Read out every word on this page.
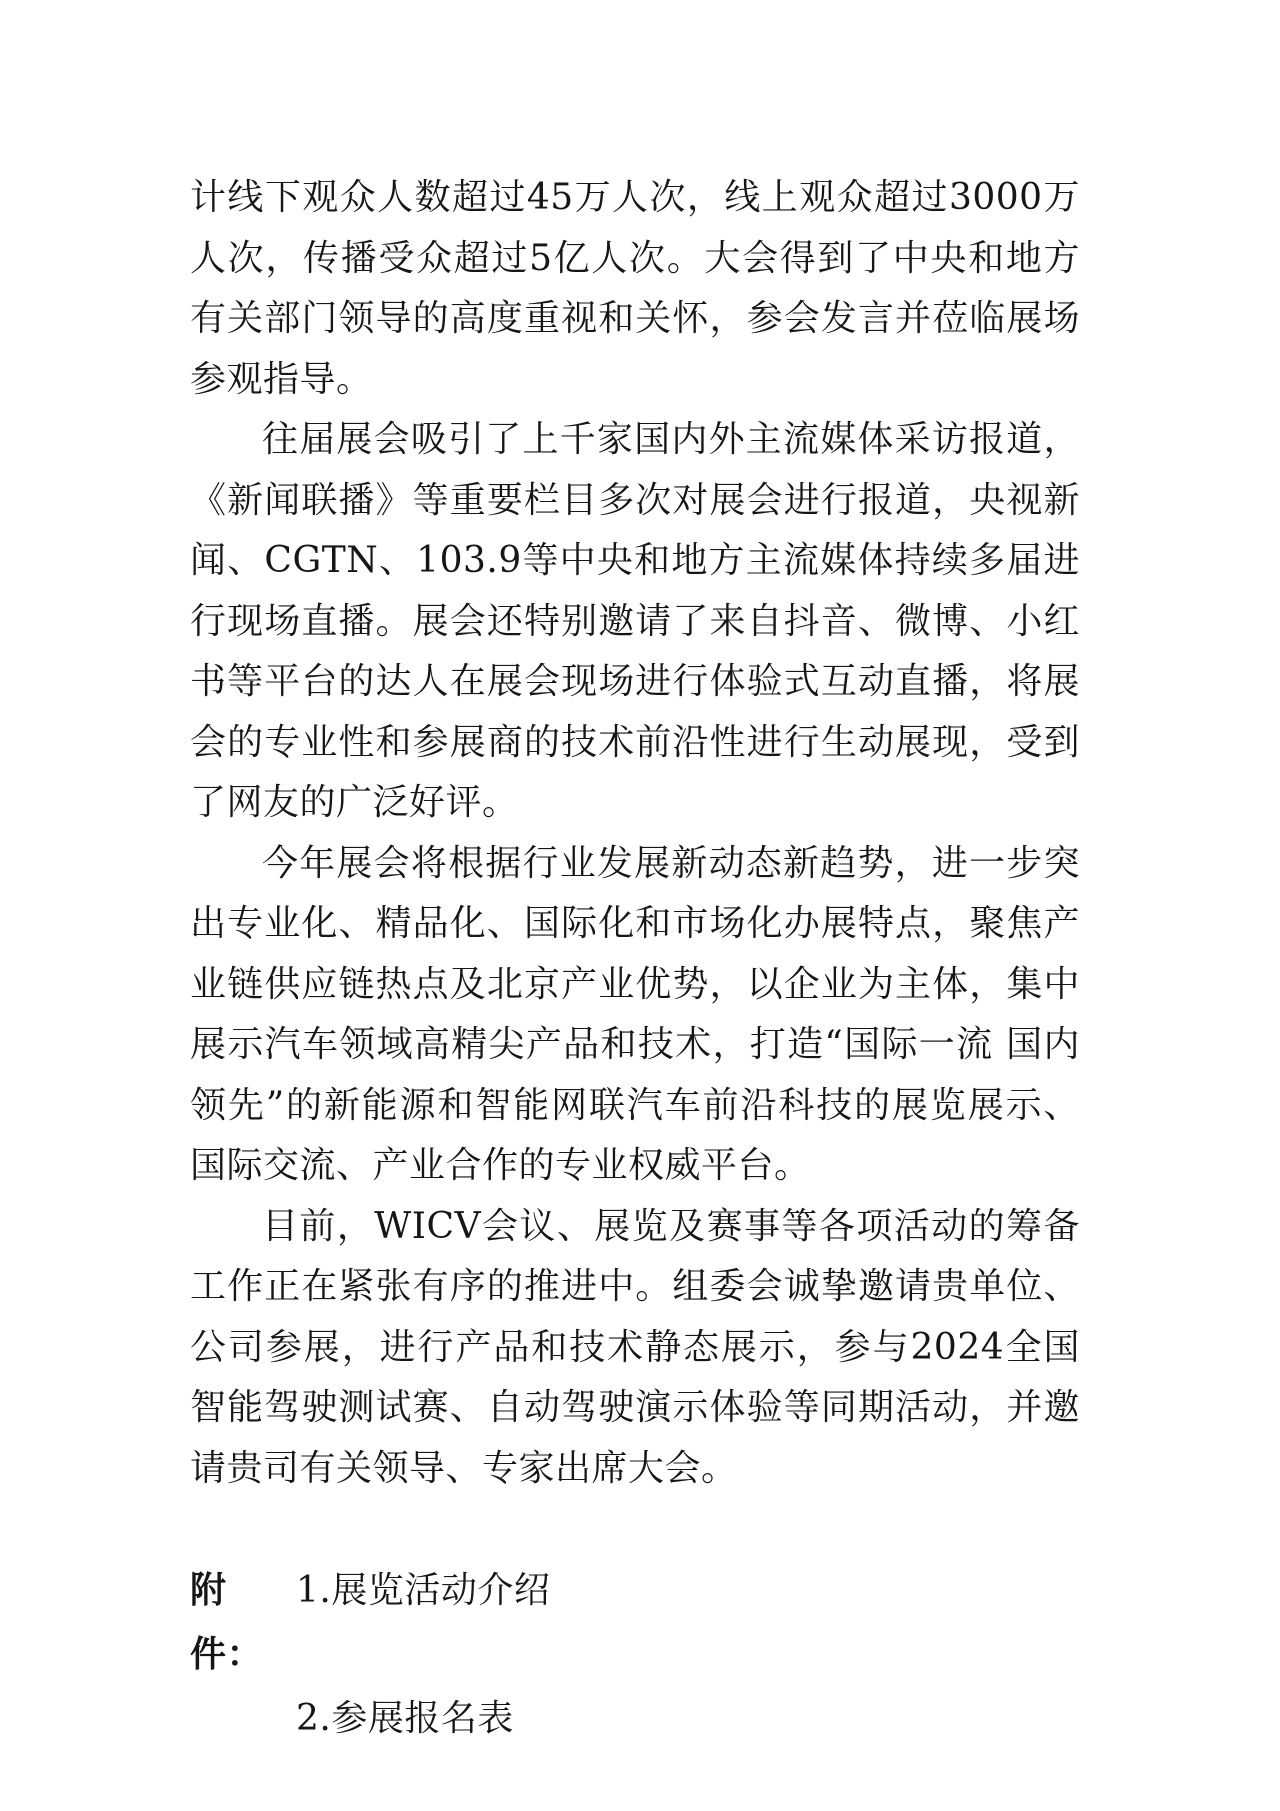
计线下观众人数超过45万人次，线上观众超过3000万人次，传播受众超过5亿人次。大会得到了中央和地方有关部门领导的高度重视和关怀，参会发言并莅临展场参观指导。

往届展会吸引了上千家国内外主流媒体采访报道，《新闻联播》等重要栏目多次对展会进行报道，央视新闻、CGTN、103.9等中央和地方主流媒体持续多届进行现场直播。展会还特别邀请了来自抖音、微博、小红书等平台的达人在展会现场进行体验式互动直播，将展会的专业性和参展商的技术前沿性进行生动展现，受到了网友的广泛好评。

今年展会将根据行业发展新动态新趋势，进一步突出专业化、精品化、国际化和市场化办展特点，聚焦产业链供应链热点及北京产业优势，以企业为主体，集中展示汽车领域高精尖产品和技术，打造“国际一流 国内领先”的新能源和智能网联汽车前沿科技的展览展示、国际交流、产业合作的专业权威平台。

目前，WICV会议、展览及赛事等各项活动的筹备工作正在紧张有序的推进中。组委会诚挚邀请贵单位、公司参展，进行产品和技术静态展示，参与2024全国智能驾驶测试赛、自动驾驶演示体验等同期活动，并邀请贵司有关领导、专家出席大会。

附件：
1.展览活动介绍
2.参展报名表
